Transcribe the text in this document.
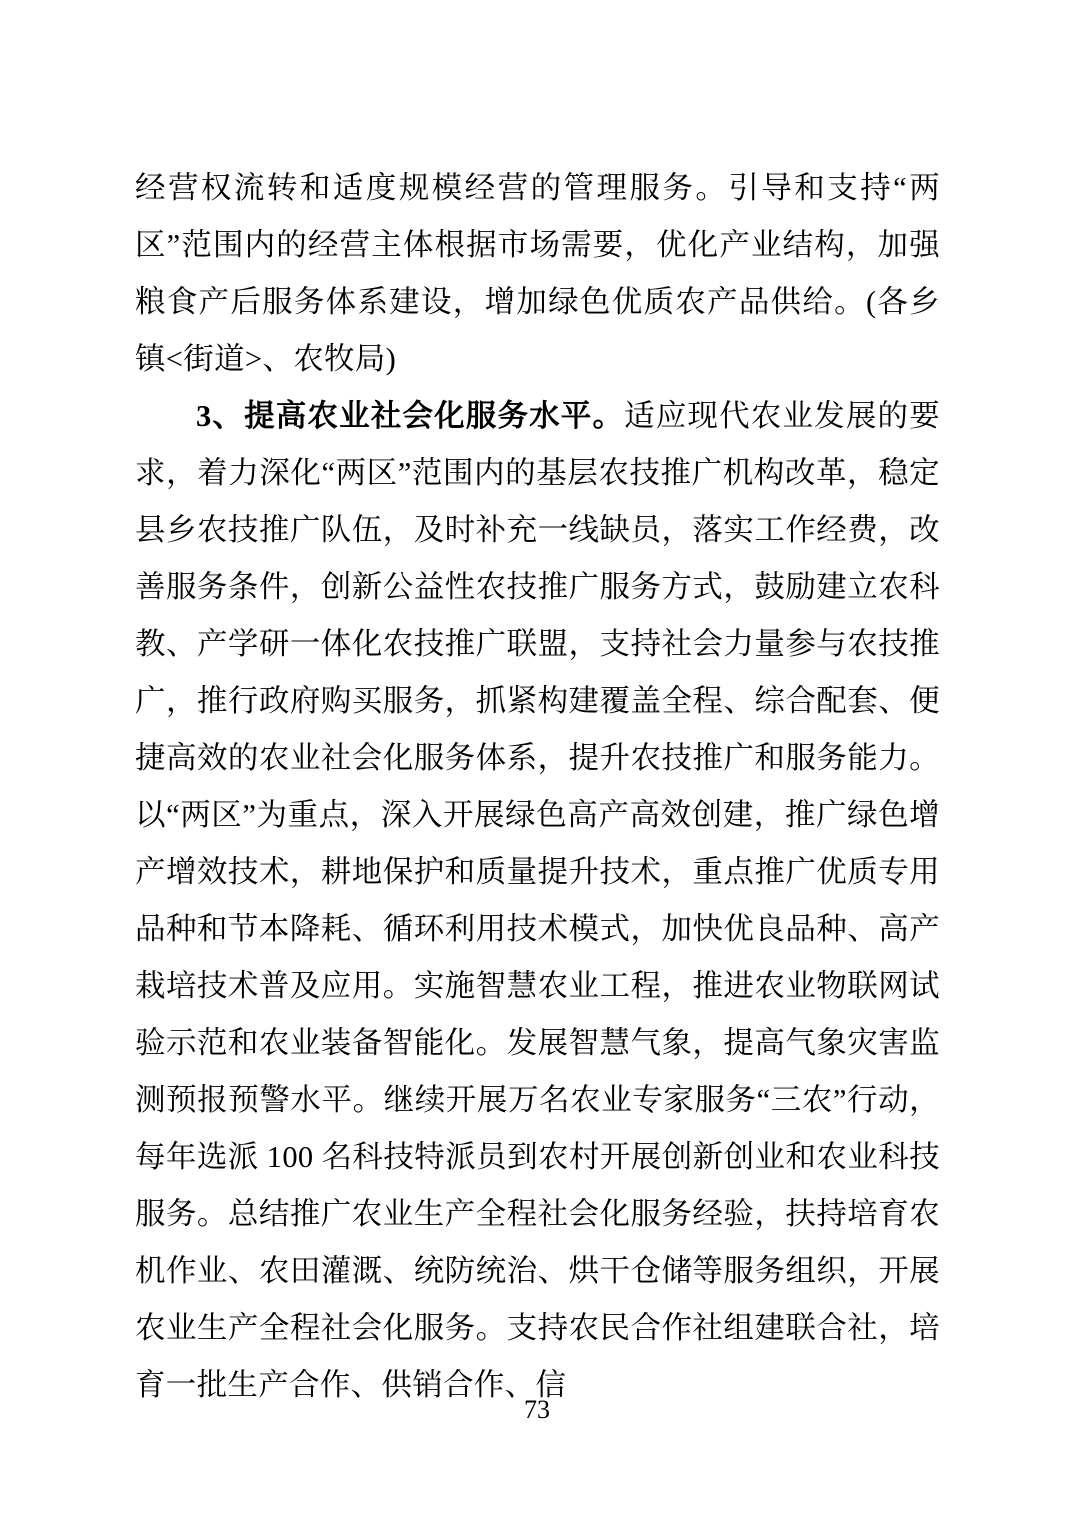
经营权流转和适度规模经营的管理服务。引导和支持“两区”范围内的经营主体根据市场需要，优化产业结构，加强粮食产后服务体系建设，增加绿色优质农产品供给。(各乡镇<街道>、农牧局)

3、提高农业社会化服务水平。适应现代农业发展的要求，着力深化“两区”范围内的基层农技推广机构改革，稳定县乡农技推广队伍，及时补充一线缺员，落实工作经费，改善服务条件，创新公益性农技推广服务方式，鼓励建立农科教、产学研一体化农技推广联盟，支持社会力量参与农技推广，推行政府购买服务，抓紧构建覆盖全程、综合配套、便捷高效的农业社会化服务体系，提升农技推广和服务能力。以“两区”为重点，深入开展绿色高产高效创建，推广绿色增产增效技术，耕地保护和质量提升技术，重点推广优质专用品种和节本降耗、循环利用技术模式，加快优良品种、高产栽培技术普及应用。实施智慧农业工程，推进农业物联网试验示范和农业装备智能化。发展智慧气象，提高气象灾害监测预报预警水平。继续开展万名农业专家服务“三农”行动，每年选派 100 名科技特派员到农村开展创新创业和农业科技服务。总结推广农业生产全程社会化服务经验，扶持培育农机作业、农田灌溉、统防统治、烘干仓储等服务组织，开展农业生产全程社会化服务。支持农民合作社组建联合社，培育一批生产合作、供销合作、信

73
